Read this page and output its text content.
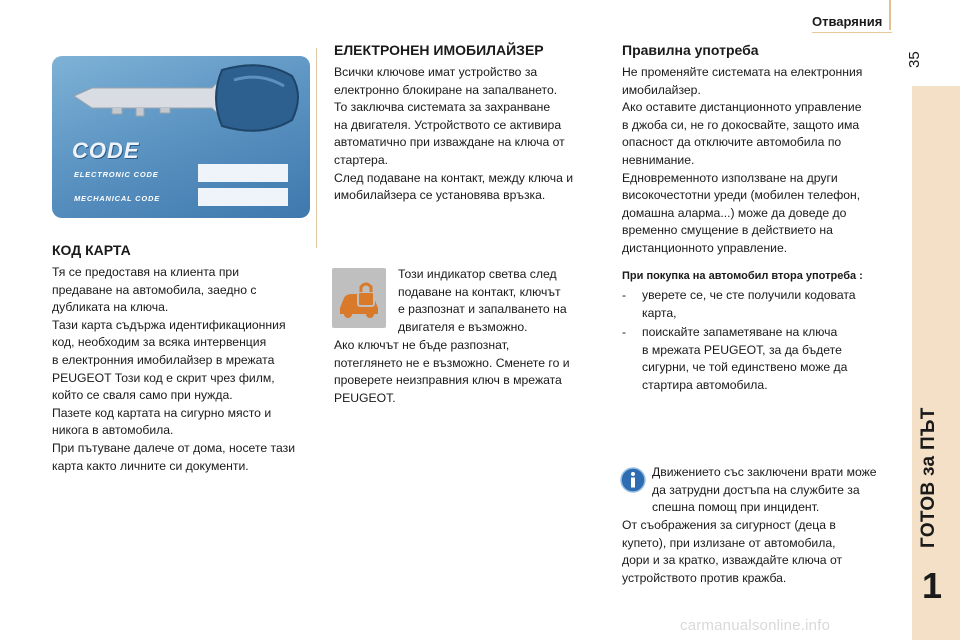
Отваряния
35
ГОТОВ за ПЪТ
1
CODE
ELECTRONIC CODE
MECHANICAL CODE
КОД КАРТА
Тя се предоставя на клиента при
предаване на автомобила, заедно с
дубликата на ключа.
Тази карта съдържа идентификационния
код, необходим за всяка интервенция
в електронния имобилайзер в мрежата
PEUGEOT Този код е скрит чрез филм,
който се сваля само при нужда.
Пазете код картата на сигурно място и
никога в автомобила.
При пътуване далече от дома, носете тази
карта както личните си документи.
ЕЛЕКТРОНЕН ИМОБИЛАЙЗЕР
Всички ключове имат устройство за
електронно блокиране на запалването.
То заключва системата за захранване
на двигателя. Устройството се активира
автоматично при изваждане на ключа от
стартера.
След подаване на контакт, между ключа и
имобилайзера се установява връзка.
Този индикатор светва след
подаване на контакт, ключът
е разпознат и запалването на
двигателя е възможно.
Ако ключът не бъде разпознат,
потеглянето не е възможно. Сменете го и
проверете неизправния ключ в мрежата
PEUGEOT.
Правилна употреба
Не променяйте системата на електронния
имобилайзер.
Ако оставите дистанционното управление
в джоба си, не го докосвайте, защото има
опасност да отключите автомобила по
невнимание.
Едновременното използване на други
високочестотни уреди (мобилен телефон,
домашна аларма...) може да доведе до
временно смущение в действието на
дистанционното управление.
При покупка на автомобил втора употреба :
- уверете се, че сте получили кодовата
карта,
- поискайте запаметяване на ключа
в мрежата PEUGEOT, за да бъдете
сигурни, че той единствено може да
стартира автомобила.
Движението със заключени врати може
да затрудни достъпа на службите за
спешна помощ при инцидент.
От съображения за сигурност (деца в
купето), при излизане от автомобила,
дори и за кратко, изваждайте ключа от
устройството против кражба.
carmanualsonline.info
